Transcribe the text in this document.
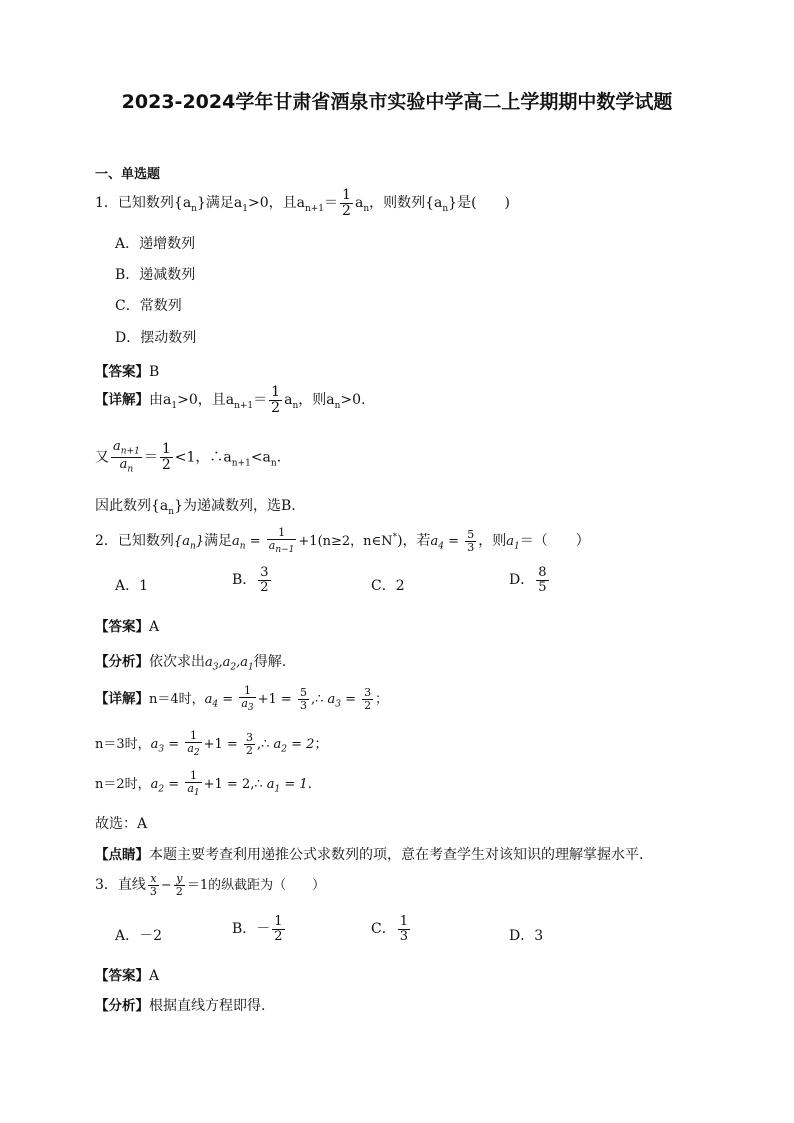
2023-2024学年甘肃省酒泉市实验中学高二上学期期中数学试题
一、单选题
1．已知数列$\{a_n\}$满足$a_1>0$，且$a_{n+1}= \frac{1}{2} a_n$，则数列$\{a_n\}$是(　　)
A．递增数列
B．递减数列
C．常数列
D．摆动数列
【答案】B
【详解】由$a_1>0$，且$a_{n+1}= \frac{1}{2} a_n$，则$a_n>0$.
又 $\frac{a_{n+1}}{a_n} = \frac{1}{2} <1$，$\therefore a_{n+1}<a_n$.
因此数列$\{a_n\}$为递减数列，选B.
2．已知数列$\{a_n\}$满足$a_n = \frac{1}{a_{n-1}} +1(n\ge 2$，n∈N*)，若$a_4 = \frac{5}{3}$ ，则$a_1=$（　　）
A．1	B． $\frac{3}{2}$	C．2	D． $\frac{8}{5}$
【答案】A
【分析】依次求出$a_3,a_2,a_1$得解.
【详解】n＝4时，$a_4 = \frac{1}{a_3} +1 = \frac{5}{3}$ ,∴ $a_3 = \frac{3}{2}$ ；
n＝3时，$a_3 = \frac{1}{a_2} +1 = \frac{3}{2}$ ,∴ $a_2 = 2$；
n＝2时，$a_2 = \frac{1}{a_1} +1$ = 2,∴ $a_1 = 1$.
故选：A
【点睛】本题主要考查利用递推公式求数列的项，意在考查学生对该知识的理解掌握水平.
3．直线 $\frac{x}{3} - \frac{y}{2} =1$的纵截距为（　　）
A．－2	B．－ $\frac{1}{2}$	C． $\frac{1}{3}$	D．3
【答案】A
【分析】根据直线方程即得.
